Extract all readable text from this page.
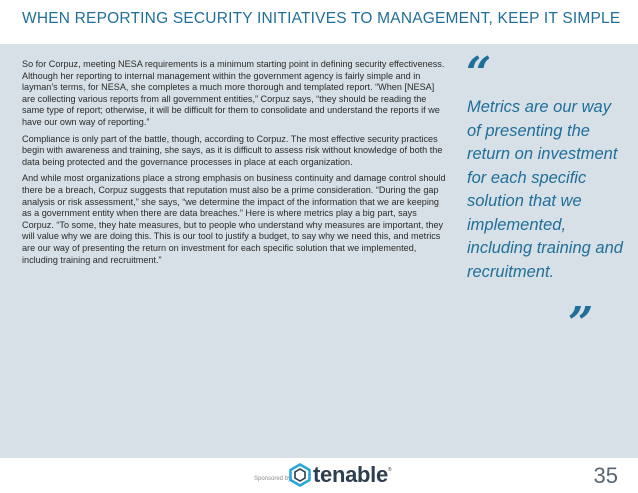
WHEN REPORTING SECURITY INITIATIVES TO MANAGEMENT, KEEP IT SIMPLE

So for Corpuz, meeting NESA requirements is a minimum starting point in defining security effectiveness. Although her reporting to internal management within the government agency is fairly simple and in layman’s terms, for NESA, she completes a much more thorough and templated report. “When [NESA] are collecting various reports from all government entities,” Corpuz says, “they should be reading the same type of report; otherwise, it will be difficult for them to consolidate and understand the reports if we have our own way of reporting.”

Compliance is only part of the battle, though, according to Corpuz. The most effective security practices begin with awareness and training, she says, as it is difficult to assess risk without knowledge of both the data being protected and the governance processes in place at each organization.

And while most organizations place a strong emphasis on business continuity and damage control should there be a breach, Corpuz suggests that reputation must also be a prime consideration. “During the gap analysis or risk assessment,” she says, “we determine the impact of the information that we are keeping as a government entity when there are data breaches.” Here is where metrics play a big part, says Corpuz. “To some, they hate measures, but to people who understand why measures are important, they will value why we are doing this. This is our tool to justify a budget, to say why we need this, and metrics are our way of presenting the return on investment for each specific solution that we implemented, including training and recruitment.”

“
Metrics are our way of presenting the return on investment for each specific solution that we implemented, including training and recruitment.
”
Sponsored by tenable ®	35
